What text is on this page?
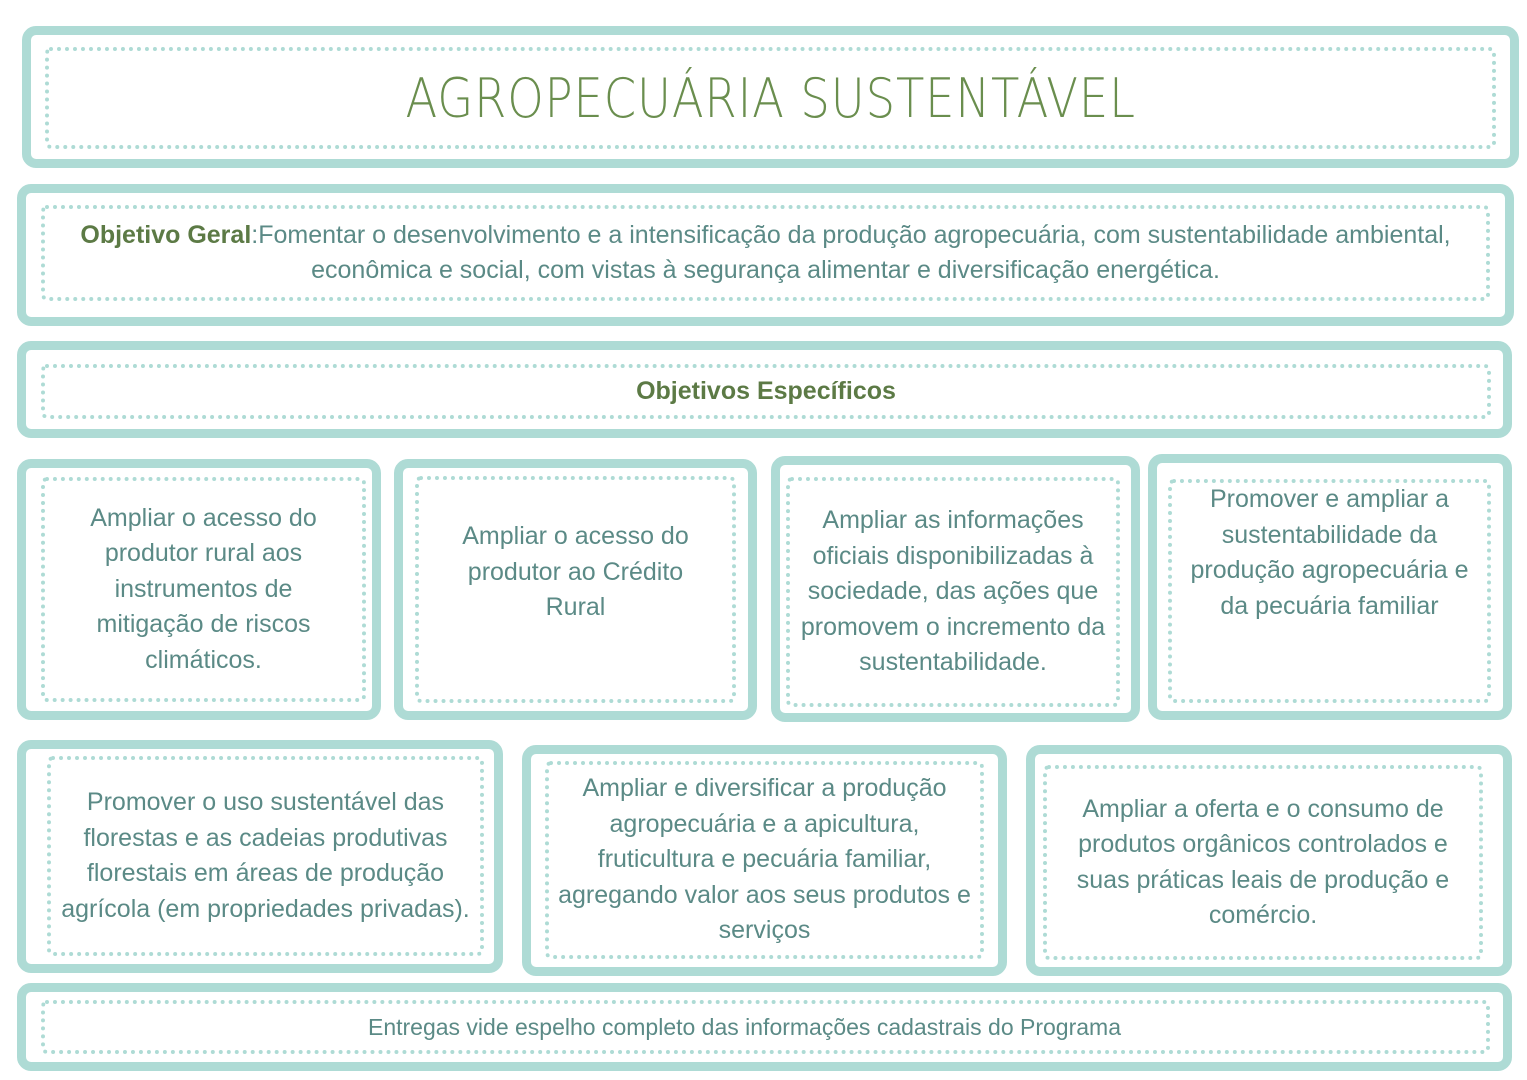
AGROPECUÁRIA SUSTENTÁVEL
Objetivo Geral:Fomentar o desenvolvimento e a intensificação da produção agropecuária, com sustentabilidade ambiental, econômica e social, com vistas à segurança alimentar e diversificação energética.
Objetivos Específicos
Ampliar o acesso do produtor rural aos instrumentos de mitigação de riscos climáticos.
Ampliar o acesso do produtor ao Crédito Rural
Ampliar as informações oficiais disponibilizadas à sociedade, das ações que promovem o incremento da sustentabilidade.
Promover e ampliar a sustentabilidade da produção agropecuária e da pecuária familiar
Promover o uso sustentável das florestas e as cadeias produtivas florestais em áreas de produção agrícola (em propriedades privadas).
Ampliar e diversificar a produção agropecuária e a apicultura, fruticultura e pecuária familiar, agregando valor aos seus produtos e serviços
Ampliar a oferta e o consumo de produtos orgânicos controlados e suas práticas leais de produção e comércio.
Entregas vide espelho completo das informações cadastrais do Programa
